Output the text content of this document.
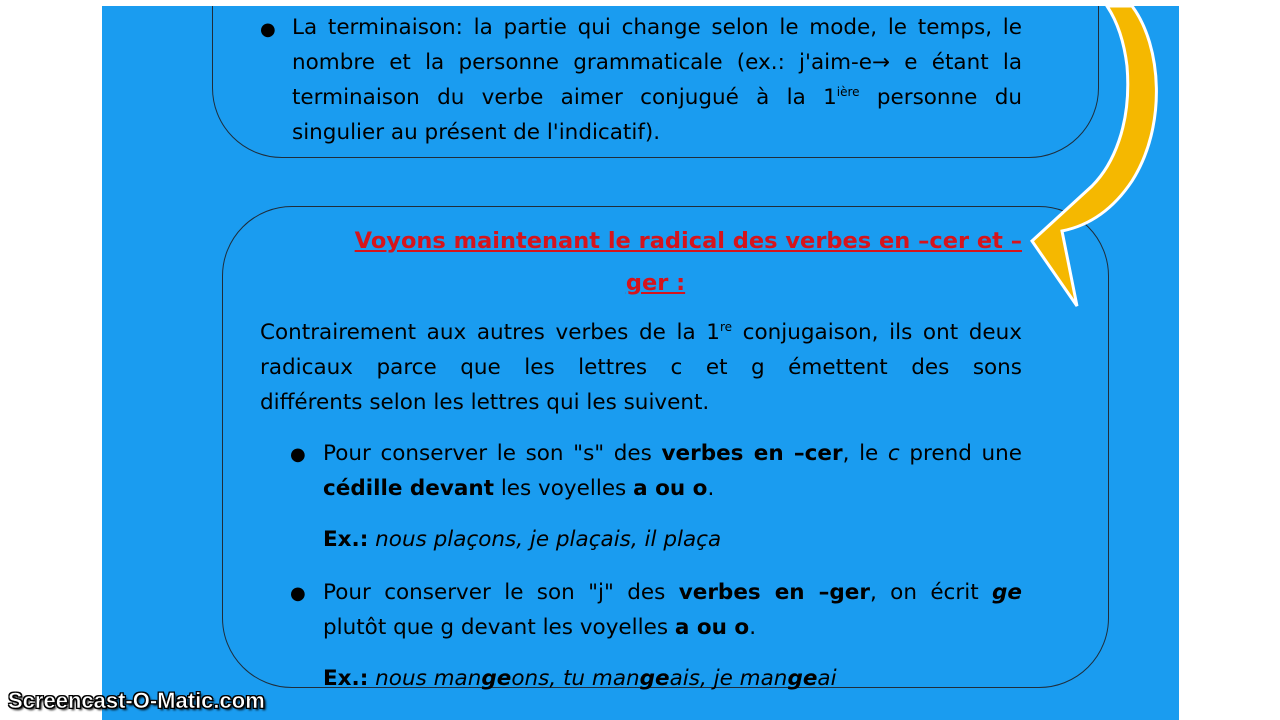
● La terminaison: la partie qui change selon le mode, le temps, le
nombre et la personne grammaticale (ex.: j'aim-e→ e étant la
terminaison du verbe aimer conjugué à la $1^{ière}$ personne du
singulier au présent de l'indicatif).
Voyons maintenant le radical des verbes en –cer et –
ger :
Contrairement aux autres verbes de la 1re conjugaison, ils ont deux
radicaux parce que les lettres c et g émettent des sons
différents selon les lettres qui les suivent.
● Pour conserver le son "s" des verbes en –cer, le c prend une
cédille devant les voyelles a ou o.
Ex.: nous plaçons, je plaçais, il plaça
● Pour conserver le son "j" des verbes en –ger, on écrit ge
plutôt que g devant les voyelles a ou o.
Ex.: nous mangeons, tu mangeais, je mangeai
Screencast-O-Matic.com
